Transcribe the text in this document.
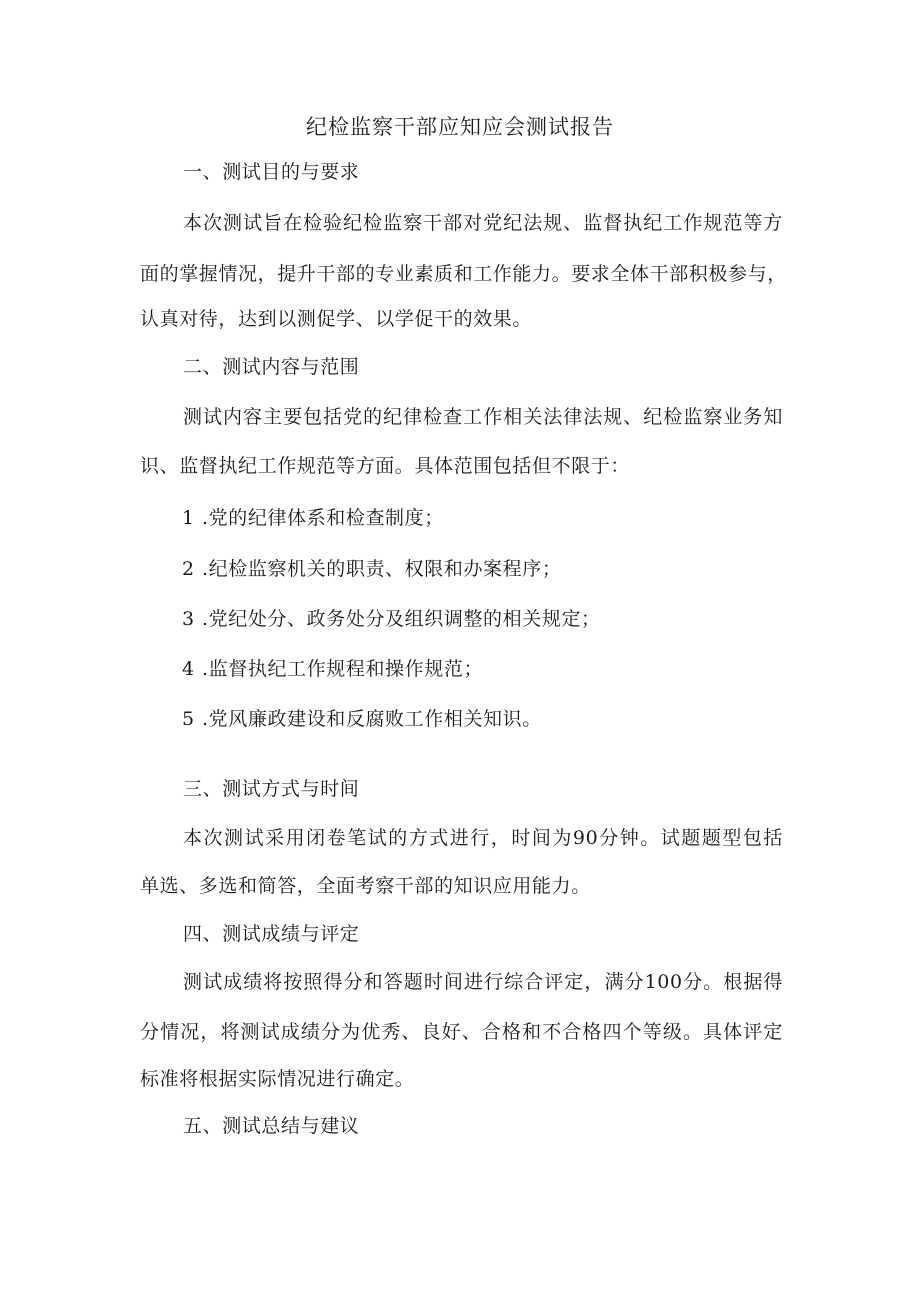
纪检监察干部应知应会测试报告
一、测试目的与要求
本次测试旨在检验纪检监察干部对党纪法规、监督执纪工作规范等方
面的掌握情况，提升干部的专业素质和工作能力。要求全体干部积极参与，
认真对待，达到以测促学、以学促干的效果。
二、测试内容与范围
测试内容主要包括党的纪律检查工作相关法律法规、纪检监察业务知
识、监督执纪工作规范等方面。具体范围包括但不限于：
1 .党的纪律体系和检查制度；
2 .纪检监察机关的职责、权限和办案程序；
3 .党纪处分、政务处分及组织调整的相关规定；
4 .监督执纪工作规程和操作规范；
5 .党风廉政建设和反腐败工作相关知识。
三、测试方式与时间
本次测试采用闭卷笔试的方式进行，时间为90分钟。试题题型包括
单选、多选和简答，全面考察干部的知识应用能力。
四、测试成绩与评定
测试成绩将按照得分和答题时间进行综合评定，满分100分。根据得
分情况，将测试成绩分为优秀、良好、合格和不合格四个等级。具体评定
标准将根据实际情况进行确定。
五、测试总结与建议
